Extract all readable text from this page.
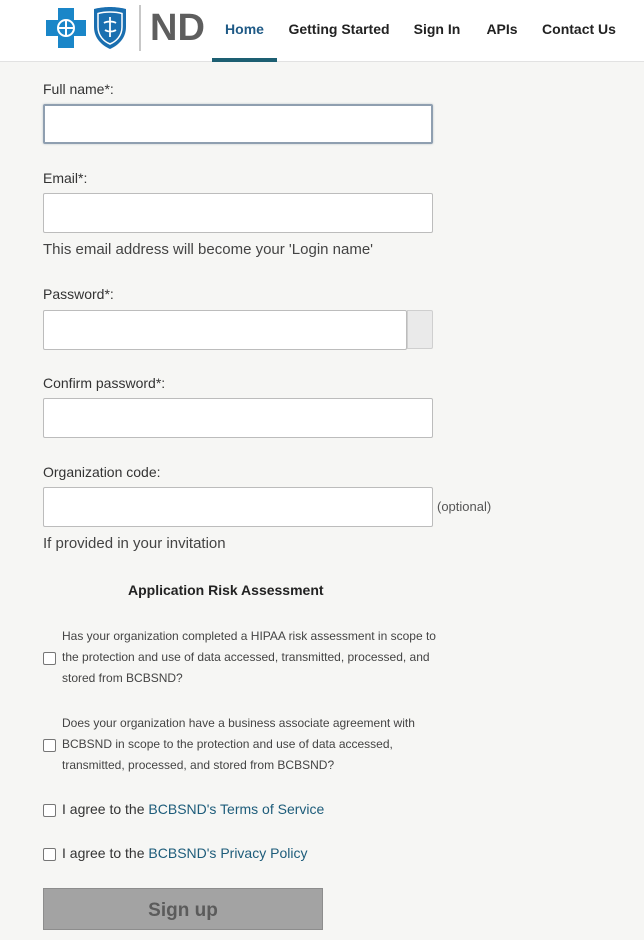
ND	Home	Getting Started	Sign In	APIs	Contact Us
Full name*:
Email*:
This email address will become your 'Login name'
Password*:
Confirm password*:
Organization code:
(optional)
If provided in your invitation
Application Risk Assessment
Has your organization completed a HIPAA risk assessment in scope to the protection and use of data accessed, transmitted, processed, and stored from BCBSND?
Does your organization have a business associate agreement with BCBSND in scope to the protection and use of data accessed, transmitted, processed, and stored from BCBSND?
I agree to the BCBSND's Terms of Service
I agree to the BCBSND's Privacy Policy
Sign up
